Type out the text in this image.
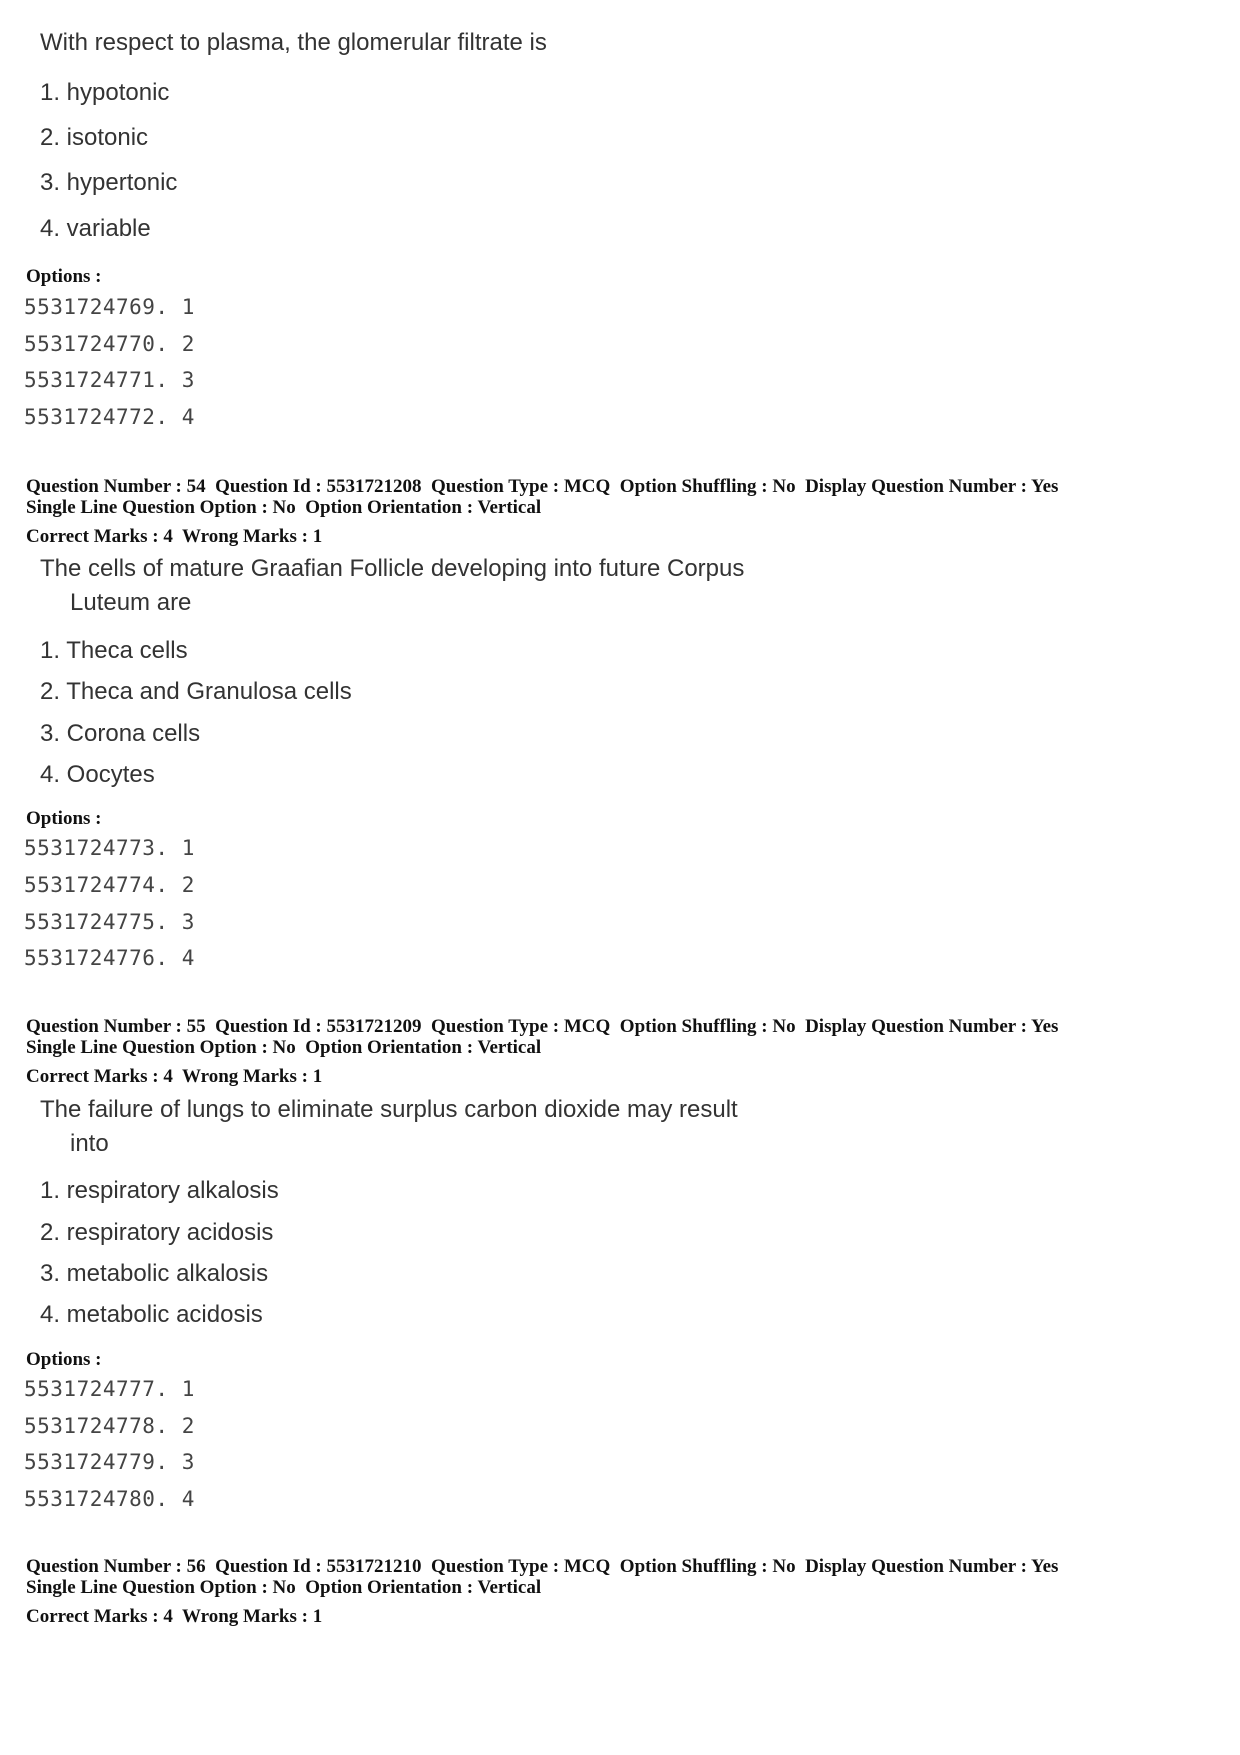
With respect to plasma, the glomerular filtrate is
1. hypotonic
2. isotonic
3. hypertonic
4. variable
Options :
5531724769. 1
5531724770. 2
5531724771. 3
5531724772. 4
Question Number : 54  Question Id : 5531721208  Question Type : MCQ  Option Shuffling : No  Display Question Number : Yes
Single Line Question Option : No  Option Orientation : Vertical
Correct Marks : 4  Wrong Marks : 1
The cells of mature Graafian Follicle developing into future Corpus
Luteum are
1. Theca cells
2. Theca and Granulosa cells
3. Corona cells
4. Oocytes
Options :
5531724773. 1
5531724774. 2
5531724775. 3
5531724776. 4
Question Number : 55  Question Id : 5531721209  Question Type : MCQ  Option Shuffling : No  Display Question Number : Yes
Single Line Question Option : No  Option Orientation : Vertical
Correct Marks : 4  Wrong Marks : 1
The failure of lungs to eliminate surplus carbon dioxide may result
into
1. respiratory alkalosis
2. respiratory acidosis
3. metabolic alkalosis
4. metabolic acidosis
Options :
5531724777. 1
5531724778. 2
5531724779. 3
5531724780. 4
Question Number : 56  Question Id : 5531721210  Question Type : MCQ  Option Shuffling : No  Display Question Number : Yes
Single Line Question Option : No  Option Orientation : Vertical
Correct Marks : 4  Wrong Marks : 1
